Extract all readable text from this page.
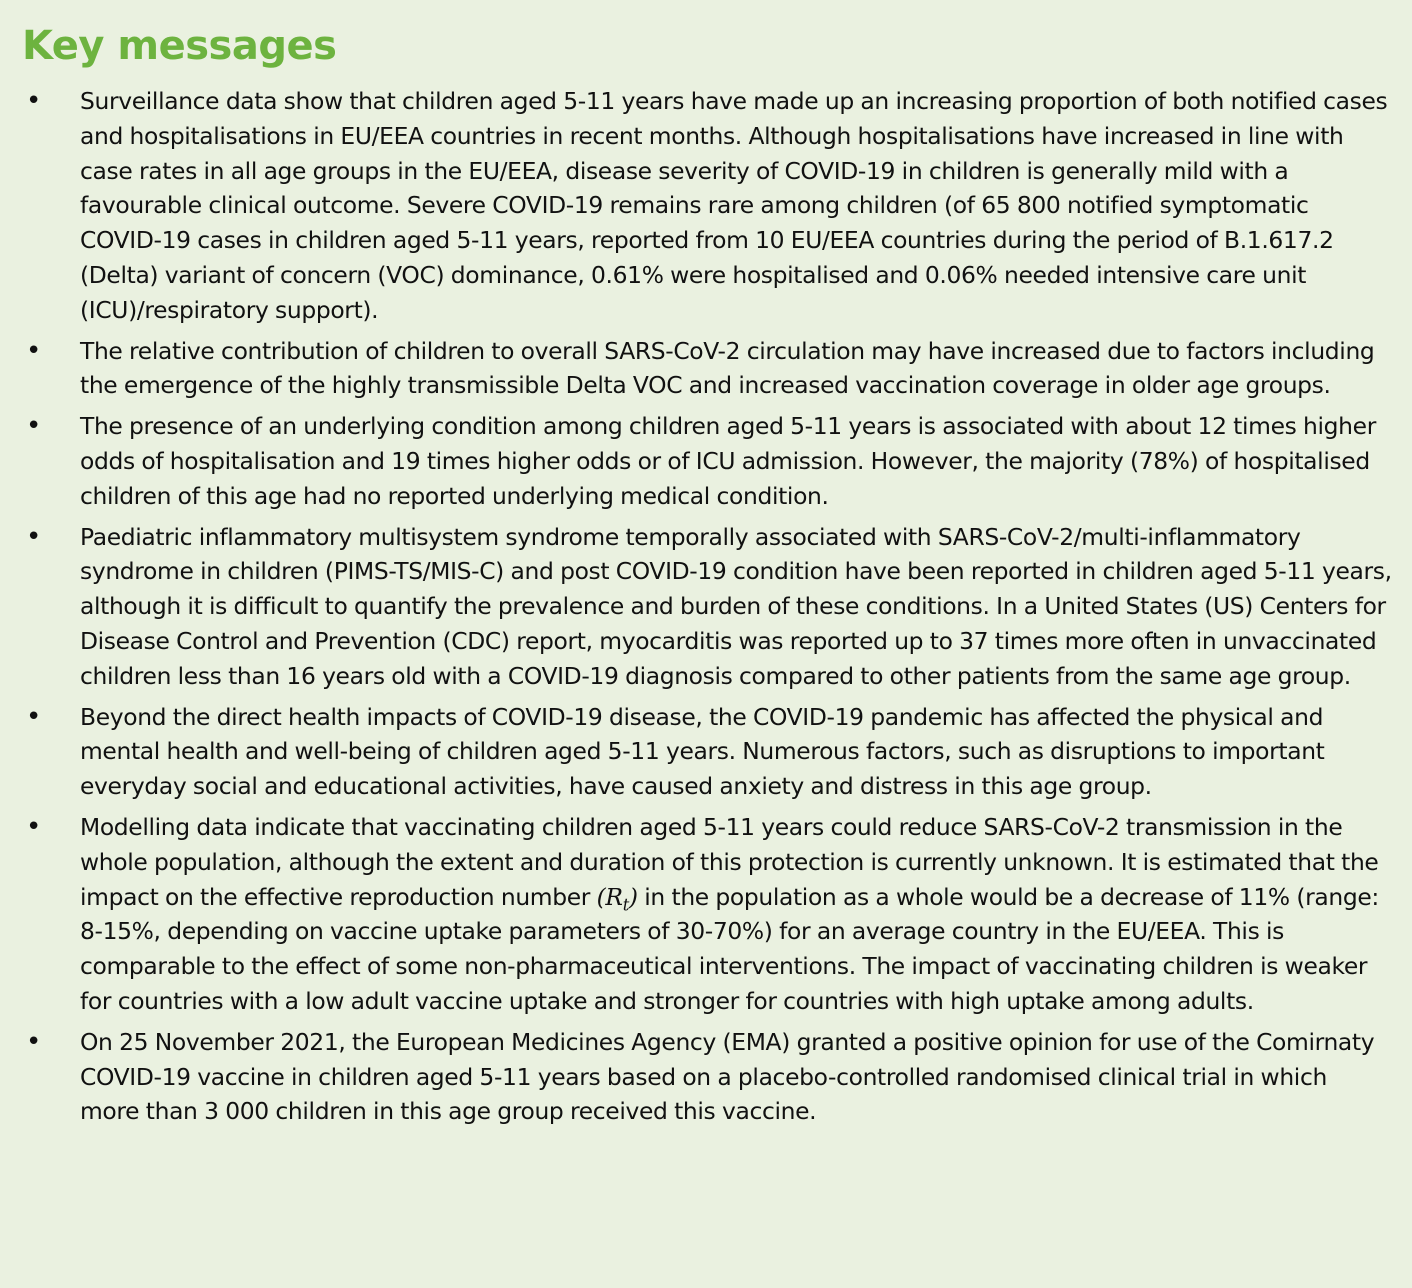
Key messages
• Surveillance data show that children aged 5-11 years have made up an increasing proportion of both notified cases and hospitalisations in EU/EEA countries in recent months. Although hospitalisations have increased in line with case rates in all age groups in the EU/EEA, disease severity of COVID-19 in children is generally mild with a favourable clinical outcome. Severe COVID-19 remains rare among children (of 65 800 notified symptomatic COVID-19 cases in children aged 5-11 years, reported from 10 EU/EEA countries during the period of B.1.617.2 (Delta) variant of concern (VOC) dominance, 0.61% were hospitalised and 0.06% needed intensive care unit (ICU)/respiratory support).
• The relative contribution of children to overall SARS-CoV-2 circulation may have increased due to factors including the emergence of the highly transmissible Delta VOC and increased vaccination coverage in older age groups.
• The presence of an underlying condition among children aged 5-11 years is associated with about 12 times higher odds of hospitalisation and 19 times higher odds or of ICU admission. However, the majority (78%) of hospitalised children of this age had no reported underlying medical condition.
• Paediatric inflammatory multisystem syndrome temporally associated with SARS-CoV-2/multi-inflammatory syndrome in children (PIMS-TS/MIS-C) and post COVID-19 condition have been reported in children aged 5-11 years, although it is difficult to quantify the prevalence and burden of these conditions. In a United States (US) Centers for Disease Control and Prevention (CDC) report, myocarditis was reported up to 37 times more often in unvaccinated children less than 16 years old with a COVID-19 diagnosis compared to other patients from the same age group.
• Beyond the direct health impacts of COVID-19 disease, the COVID-19 pandemic has affected the physical and mental health and well-being of children aged 5-11 years. Numerous factors, such as disruptions to important everyday social and educational activities, have caused anxiety and distress in this age group.
• Modelling data indicate that vaccinating children aged 5-11 years could reduce SARS-CoV-2 transmission in the whole population, although the extent and duration of this protection is currently unknown. It is estimated that the impact on the effective reproduction number $(R_t)$ in the population as a whole would be a decrease of 11% (range: 8-15%, depending on vaccine uptake parameters of 30-70%) for an average country in the EU/EEA. This is comparable to the effect of some non-pharmaceutical interventions. The impact of vaccinating children is weaker for countries with a low adult vaccine uptake and stronger for countries with high uptake among adults.
• On 25 November 2021, the European Medicines Agency (EMA) granted a positive opinion for use of the Comirnaty COVID-19 vaccine in children aged 5-11 years based on a placebo-controlled randomised clinical trial in which more than 3 000 children in this age group received this vaccine.
